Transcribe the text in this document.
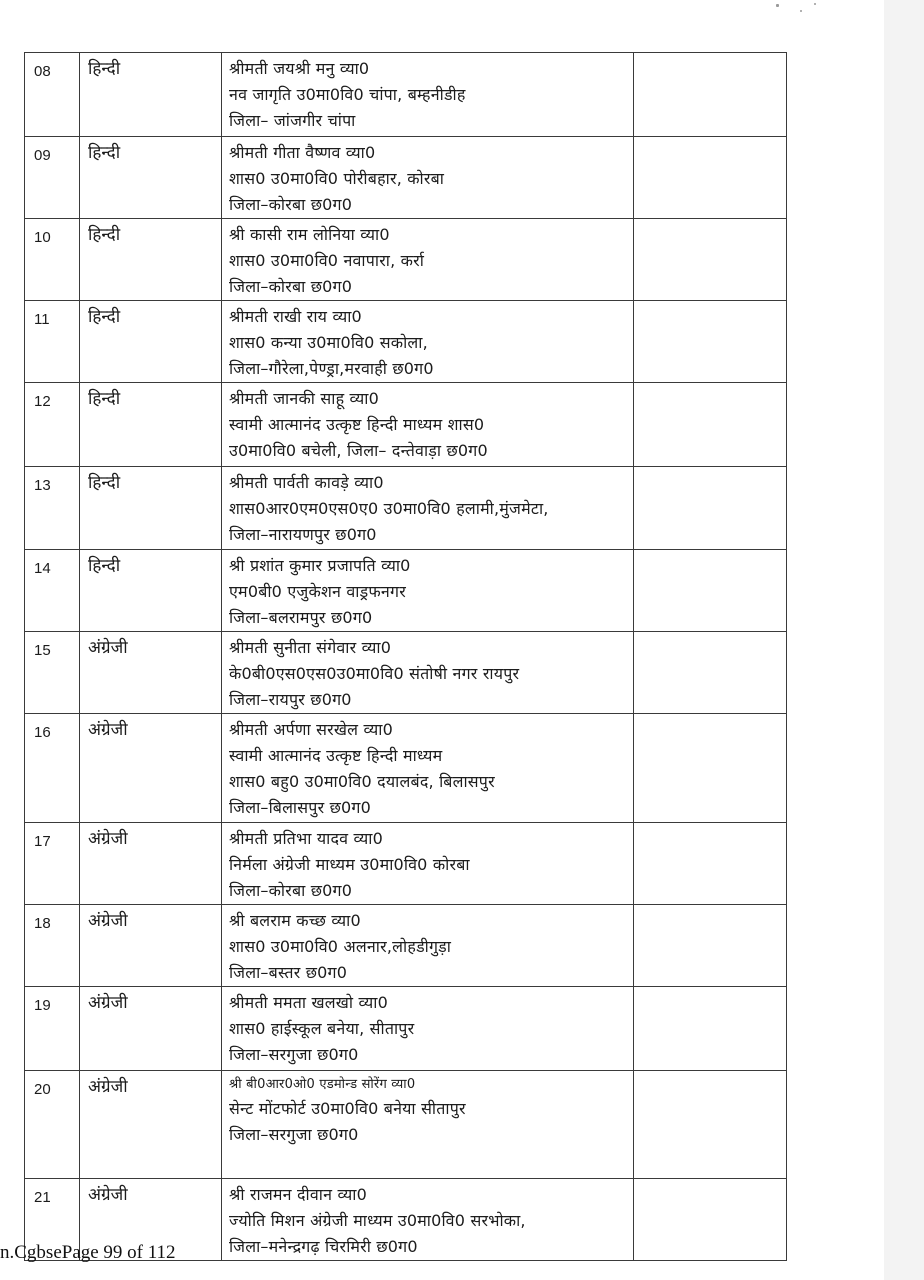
08	हिन्दी	श्रीमती जयश्री मनु व्या0
नव जागृति उ0मा0वि0 चांपा, बम्हनीडीह
जिला– जांजगीर चांपा	

09	हिन्दी	श्रीमती गीता वैष्णव व्या0
शास0 उ0मा0वि0 पोरीबहार, कोरबा
जिला–कोरबा छ0ग0	

10	हिन्दी	श्री कासी राम लोनिया व्या0
शास0 उ0मा0वि0 नवापारा, कर्रा
जिला–कोरबा छ0ग0	

11	हिन्दी	श्रीमती राखी राय व्या0
शास0 कन्या उ0मा0वि0 सकोला,
जिला–गौरेला,पेण्ड्रा,मरवाही छ0ग0	

12	हिन्दी	श्रीमती जानकी साहू व्या0
स्वामी आत्मानंद उत्कृष्ट हिन्दी माध्यम शास0
उ0मा0वि0 बचेली, जिला– दन्तेवाड़ा छ0ग0	

13	हिन्दी	श्रीमती पार्वती कावड़े व्या0
शास0आर0एम0एस0ए0 उ0मा0वि0 हलामी,मुंजमेटा,
जिला–नारायणपुर छ0ग0	

14	हिन्दी	श्री प्रशांत कुमार प्रजापति व्या0
एम0बी0 एजुकेशन वाड्रफनगर
जिला–बलरामपुर छ0ग0	

15	अंग्रेजी	श्रीमती सुनीता संगेवार व्या0
के0बी0एस0एस0उ0मा0वि0 संतोषी नगर रायपुर
जिला–रायपुर छ0ग0	

16	अंग्रेजी	श्रीमती अर्पणा सरखेल व्या0
स्वामी आत्मानंद उत्कृष्ट हिन्दी माध्यम
शास0 बहु0 उ0मा0वि0 दयालबंद, बिलासपुर
जिला–बिलासपुर छ0ग0	

17	अंग्रेजी	श्रीमती प्रतिभा यादव व्या0
निर्मला अंग्रेजी माध्यम उ0मा0वि0 कोरबा
जिला–कोरबा छ0ग0	

18	अंग्रेजी	श्री बलराम कच्छ व्या0
शास0 उ0मा0वि0 अलनार,लोहडीगुड़ा
जिला–बस्तर छ0ग0	

19	अंग्रेजी	श्रीमती ममता खलखो व्या0
शास0 हाईस्कूल बनेया, सीतापुर
जिला–सरगुजा छ0ग0	

20	अंग्रेजी	श्री बी0आर0ओ0 एडमोन्ड सोरेंग व्या0
सेन्ट मोंटफोर्ट उ0मा0वि0 बनेया सीतापुर
जिला–सरगुजा छ0ग0	

21	अंग्रेजी	श्री राजमन दीवान व्या0
ज्योति मिशन अंग्रेजी माध्यम उ0मा0वि0 सरभोका,
जिला–मनेन्द्रगढ़ चिरमिरी छ0ग0	

n.CgbsePage 99 of 112
